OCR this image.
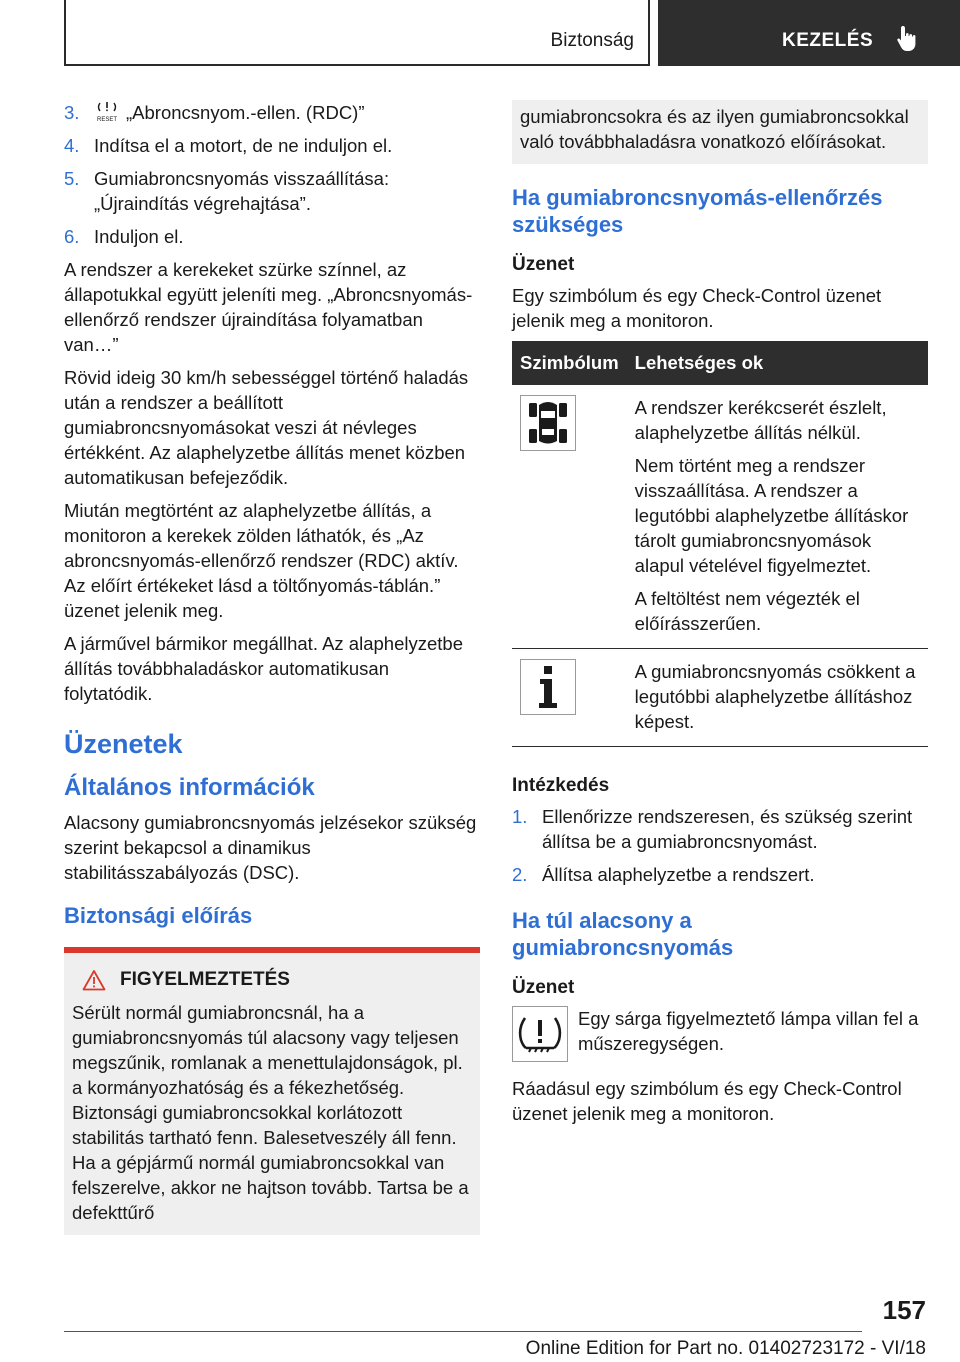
Biztonság	KEZELÉS
3.	RESET „Abroncsnyom.-ellen. (RDC)”
4. Indítsa el a motort, de ne induljon el.
5. Gumiabroncsnyomás visszaállítása: „Újraindítás végrehajtása”.
6. Induljon el.

A rendszer a kerekeket szürke színnel, az állapotukkal együtt jeleníti meg. „Abroncsnyomás-ellenőrző rendszer újraindítása folyamatban van…”

Rövid ideig 30 km/h sebességgel történő haladás után a rendszer a beállított gumiabroncsnyomásokat veszi át névleges értékként. Az alaphelyzetbe állítás menet közben automatikusan befejeződik.

Miután megtörtént az alaphelyzetbe állítás, a monitoron a kerekek zölden láthatók, és „Az abroncsnyomás-ellenőrző rendszer (RDC) aktív. Az előírt értékeket lásd a töltőnyomás-táblán.” üzenet jelenik meg.

A járművel bármikor megállhat. Az alaphelyzetbe állítás továbbhaladáskor automatikusan folytatódik.

Üzenetek
Általános információk

Alacsony gumiabroncsnyomás jelzésekor szükség szerint bekapcsol a dinamikus stabilitásszabályozás (DSC).

Biztonsági előírás
FIGYELMEZTETÉS

Sérült normál gumiabroncsnál, ha a gumiabroncsnyomás túl alacsony vagy teljesen megszűnik, romlanak a menettulajdonságok, pl. a kormányozhatóság és a fékezhetőség. Biztonsági gumiabroncsokkal korlátozott stabilitás tartható fenn. Balesetveszély áll fenn. Ha a gépjármű normál gumiabroncsokkal van felszerelve, akkor ne hajtson tovább. Tartsa be a defekttűrő

gumiabroncsokra és az ilyen gumiabroncsokkal való továbbhaladásra vonatkozó előírásokat.

Ha gumiabroncsnyomás-ellenőrzés szükséges
Üzenet

Egy szimbólum és egy Check-Control üzenet jelenik meg a monitoron.

Szimbólum	Lehetséges ok

A rendszer kerékcserét észlelt, alaphelyzetbe állítás nélkül.

Nem történt meg a rendszer visszaállítása. A rendszer a legutóbbi alaphelyzetbe állításkor tárolt gumiabroncsnyomások alapul vételével figyelmeztet.

A feltöltést nem végezték el előírásszerűen.

A gumiabroncsnyomás csökkent a legutóbbi alaphelyzetbe állításhoz képest.

Intézkedés
1. Ellenőrizze rendszeresen, és szükség szerint állítsa be a gumiabroncsnyomást.
2. Állítsa alaphelyzetbe a rendszert.
Ha túl alacsony a gumiabroncsnyomás
Üzenet

Egy sárga figyelmeztető lámpa villan fel a műszeregységen.

Ráadásul egy szimbólum és egy Check-Control üzenet jelenik meg a monitoron.

157
Online Edition for Part no. 01402723172 - VI/18
